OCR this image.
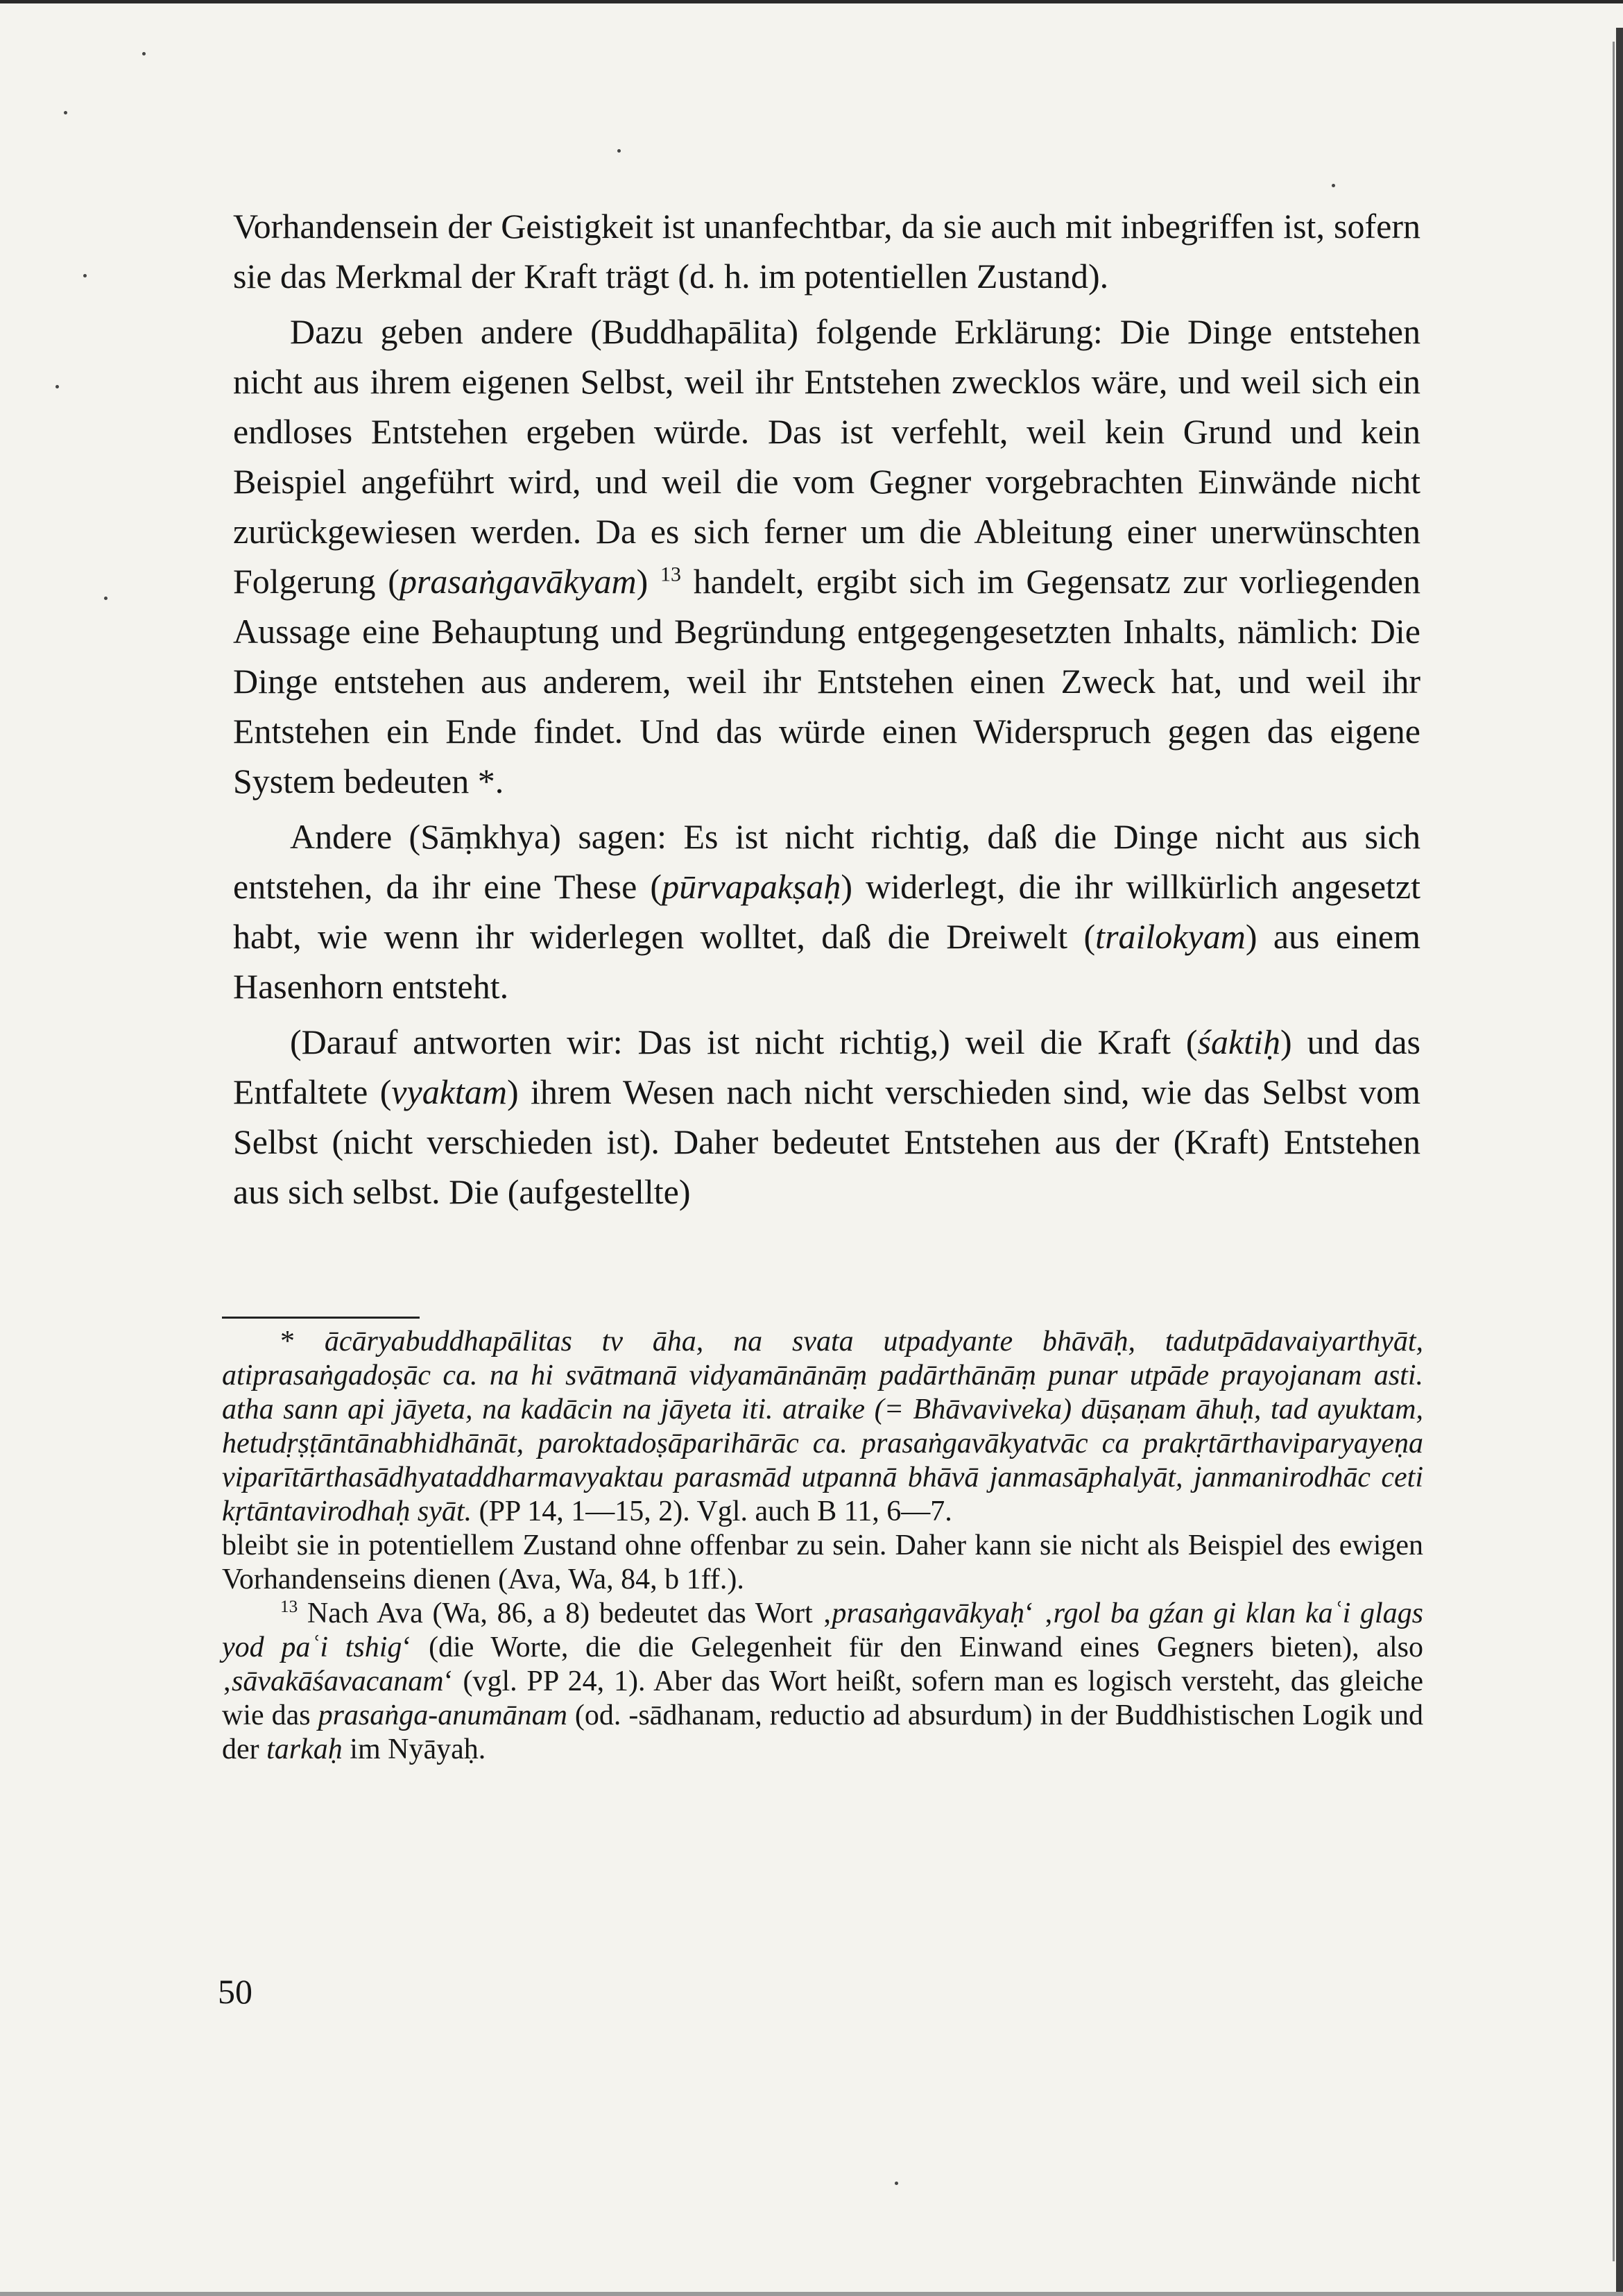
Vorhandensein der Geistigkeit ist unanfechtbar, da sie auch mit inbegriffen ist, sofern sie das Merkmal der Kraft trägt (d. h. im potentiellen Zustand).

Dazu geben andere (Buddhapālita) folgende Erklärung: Die Dinge entstehen nicht aus ihrem eigenen Selbst, weil ihr Entstehen zwecklos wäre, und weil sich ein endloses Entstehen ergeben würde. Das ist verfehlt, weil kein Grund und kein Beispiel angeführt wird, und weil die vom Gegner vorgebrachten Einwände nicht zurückgewiesen werden. Da es sich ferner um die Ableitung einer unerwünschten Folgerung (prasaṅgavākyam) $^{13}$ handelt, ergibt sich im Gegensatz zur vorliegenden Aussage eine Behauptung und Begründung entgegengesetzten Inhalts, nämlich: Die Dinge entstehen aus anderem, weil ihr Entstehen einen Zweck hat, und weil ihr Entstehen ein Ende findet. Und das würde einen Widerspruch gegen das eigene System bedeuten *.

Andere (Sāṃkhya) sagen: Es ist nicht richtig, daß die Dinge nicht aus sich entstehen, da ihr eine These (pūrvapakṣaḥ) widerlegt, die ihr willkürlich angesetzt habt, wie wenn ihr widerlegen wolltet, daß die Dreiwelt (trailokyam) aus einem Hasenhorn entsteht.

(Darauf antworten wir: Das ist nicht richtig,) weil die Kraft (śaktiḥ) und das Entfaltete (vyaktam) ihrem Wesen nach nicht verschieden sind, wie das Selbst vom Selbst (nicht verschieden ist). Daher bedeutet Entstehen aus der (Kraft) Entstehen aus sich selbst. Die (aufgestellte)

* ācāryabuddhapālitas tv āha, na svata utpadyante bhāvāḥ, tadutpādavaiyarthyāt, atiprasaṅgadoṣāc ca. na hi svātmanā vidyamānānāṃ padārthānāṃ punar utpāde prayojanam asti. atha sann api jāyeta, na kadācin na jāyeta iti. atraike (= Bhāvaviveka) dūṣaṇam āhuḥ, tad ayuktam, hetudṛṣṭāntānabhidhānāt, paroktadoṣāparihārāc ca. prasaṅgavākyatvāc ca prakṛtārthaviparyayeṇa viparītārthasādhyataddharmavyaktau parasmād utpannā bhāvā janmasāphalyāt, janmanirodhāc ceti kṛtāntavirodhaḥ syāt. (PP 14, 1—15, 2). Vgl. auch B 11, 6—7.

bleibt sie in potentiellem Zustand ohne offenbar zu sein. Daher kann sie nicht als Beispiel des ewigen Vorhandenseins dienen (Ava, Wa, 84, b 1ff.).

$^{13}$ Nach Ava (Wa, 86, a 8) bedeutet das Wort ‚prasaṅgavākyaḥ‘ ‚rgol ba gźan gi klan kaʿi glags yod paʿi tshig‘ (die Worte, die die Gelegenheit für den Einwand eines Gegners bieten), also ‚sāvakāśavacanam‘ (vgl. PP 24, 1). Aber das Wort heißt, sofern man es logisch versteht, das gleiche wie das prasaṅga-anumānam (od. -sādhanam, reductio ad absurdum) in der Buddhistischen Logik und der tarkaḥ im Nyāyaḥ.

50
